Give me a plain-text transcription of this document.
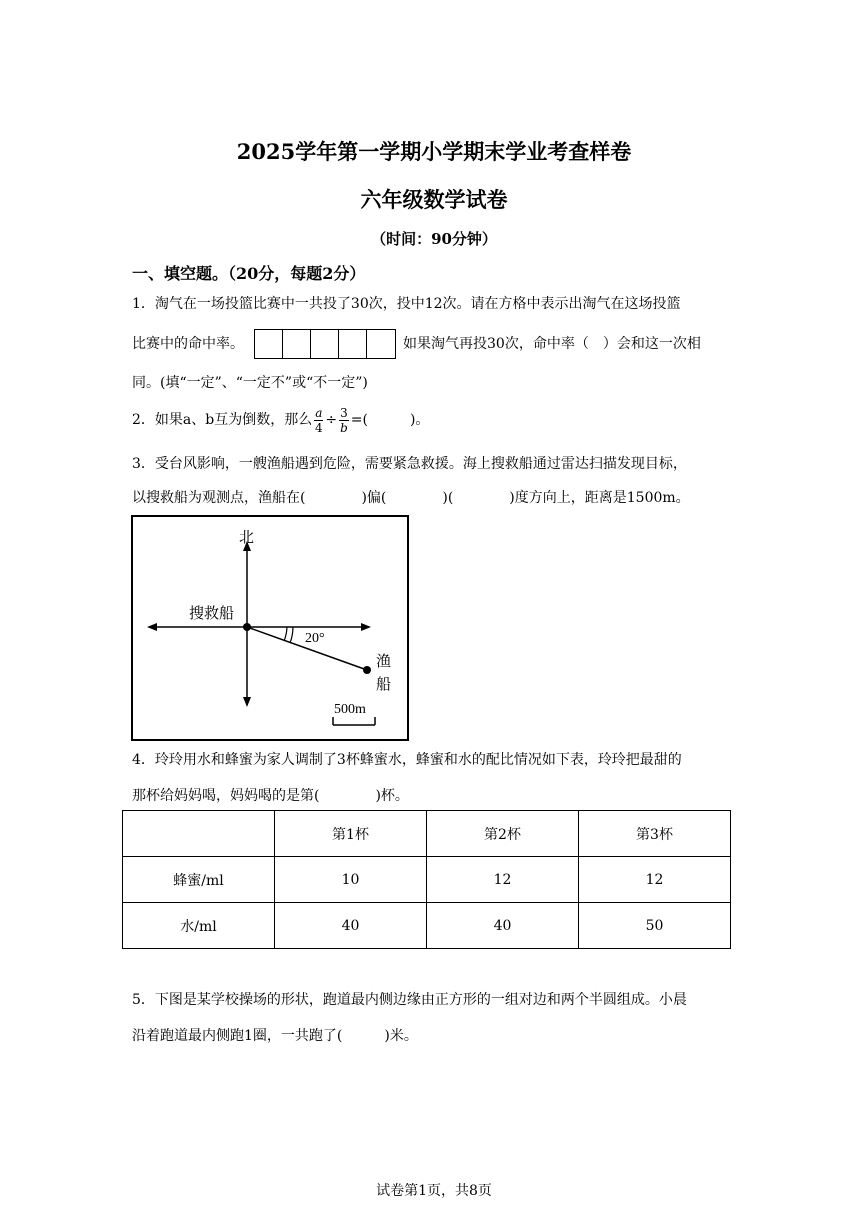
2025学年第一学期小学期末学业考查样卷
六年级数学试卷
（时间：90分钟）
一、填空题。（20分，每题2分）
1．淘气在一场投篮比赛中一共投了30次，投中12次。请在方格中表示出淘气在这场投篮
比赛中的命中率。	如果淘气再投30次，命中率（　）会和这一次相
同。(填“一定”、“一定不”或“不一定”)
2．如果a、b互为倒数，那么 $\frac{a}{4} \div \frac{3}{b}$ =(　　　)。
3．受台风影响，一艘渔船遇到危险，需要紧急救援。海上搜救船通过雷达扫描发现目标，
以搜救船为观测点，渔船在(　　　　)偏(　　　　)(　　　　)度方向上，距离是1500m。
北
搜救船
20°
渔
船
500m
4．玲玲用水和蜂蜜为家人调制了3杯蜂蜜水，蜂蜜和水的配比情况如下表，玲玲把最甜的
那杯给妈妈喝，妈妈喝的是第(　　　　)杯。
	第1杯	第2杯	第3杯
蜂蜜/ml	10	12	12
水/ml	40	40	50
5．下图是某学校操场的形状，跑道最内侧边缘由正方形的一组对边和两个半圆组成。小晨
沿着跑道最内侧跑1圈，一共跑了(　　　)米。
试卷第1页，共8页
